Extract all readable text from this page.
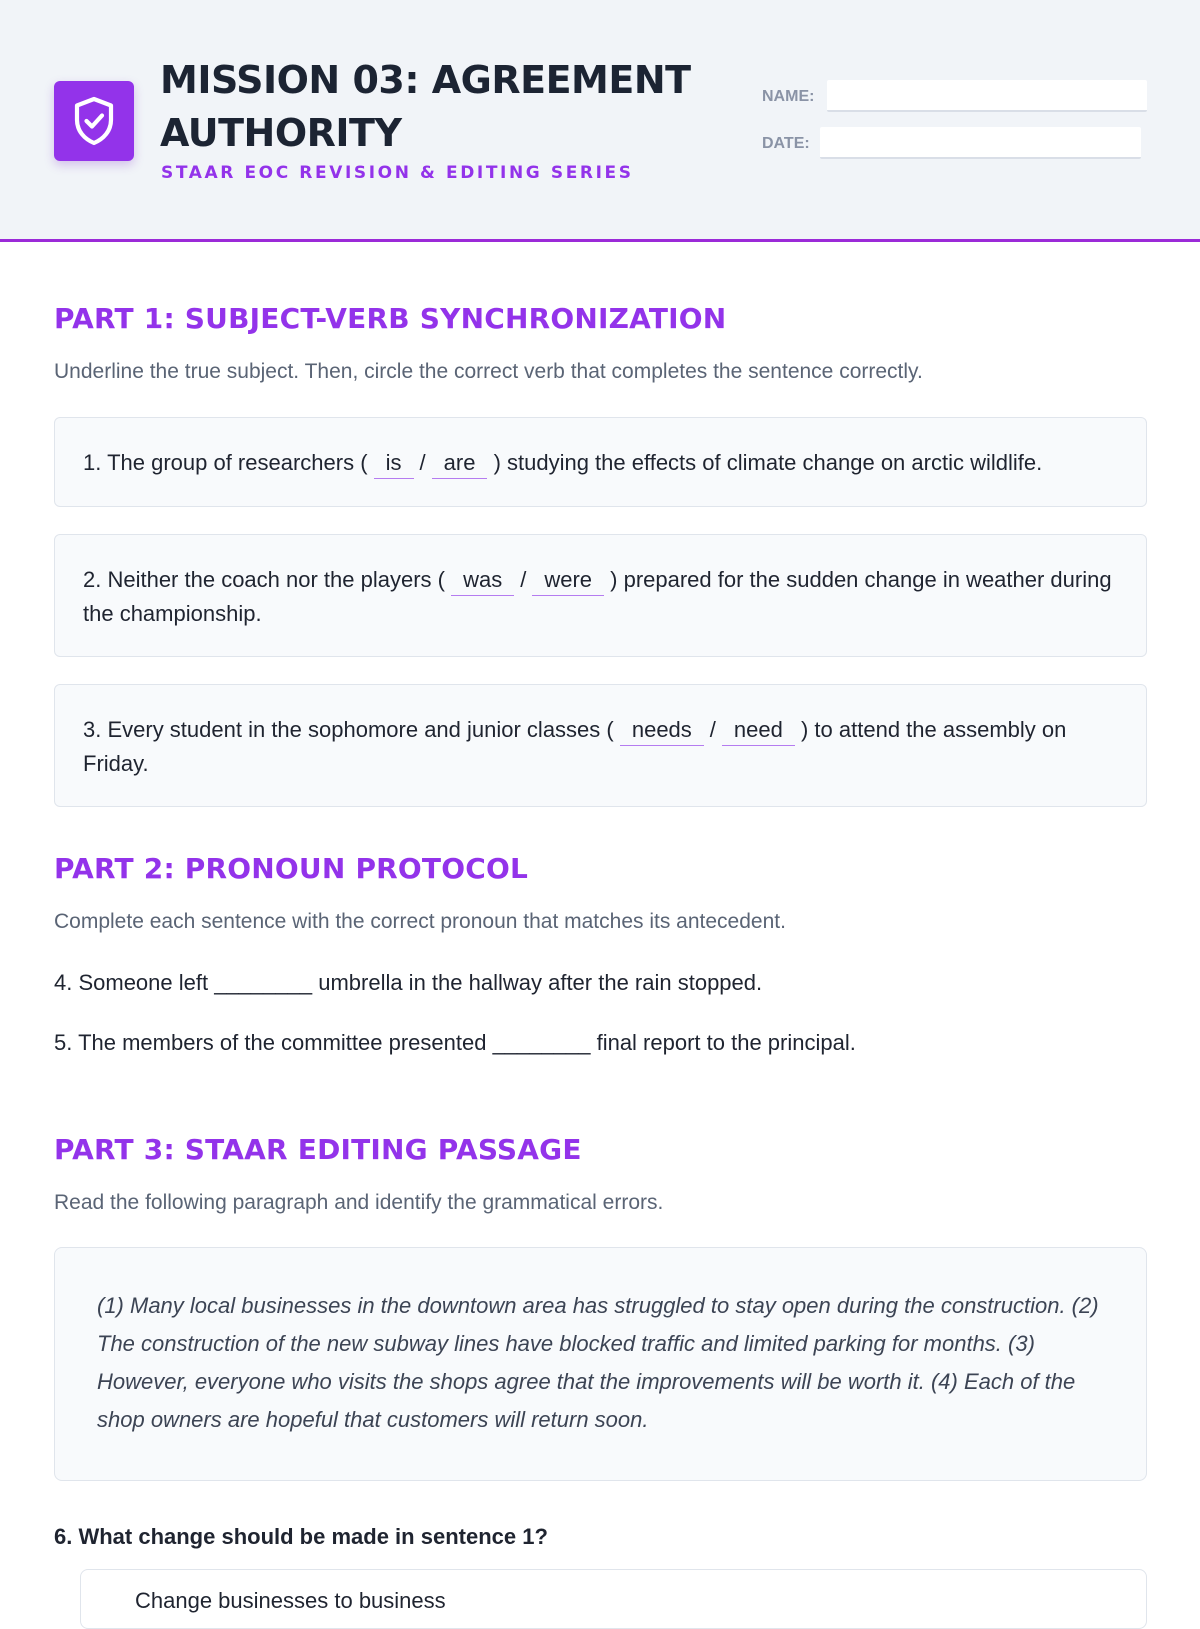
MISSION 03: AGREEMENT AUTHORITY
STAAR EOC REVISION & EDITING SERIES
NAME:
DATE:
PART 1: SUBJECT-VERB SYNCHRONIZATION
Underline the true subject. Then, circle the correct verb that completes the sentence correctly.
1. The group of researchers ( is / are ) studying the effects of climate change on arctic wildlife.
2. Neither the coach nor the players ( was / were ) prepared for the sudden change in weather during the championship.
3. Every student in the sophomore and junior classes ( needs / need ) to attend the assembly on Friday.
PART 2: PRONOUN PROTOCOL
Complete each sentence with the correct pronoun that matches its antecedent.
4. Someone left ________ umbrella in the hallway after the rain stopped.
5. The members of the committee presented ________ final report to the principal.
PART 3: STAAR EDITING PASSAGE
Read the following paragraph and identify the grammatical errors.
(1) Many local businesses in the downtown area has struggled to stay open during the construction. (2) The construction of the new subway lines have blocked traffic and limited parking for months. (3) However, everyone who visits the shops agree that the improvements will be worth it. (4) Each of the shop owners are hopeful that customers will return soon.
6. What change should be made in sentence 1?
Change businesses to business
